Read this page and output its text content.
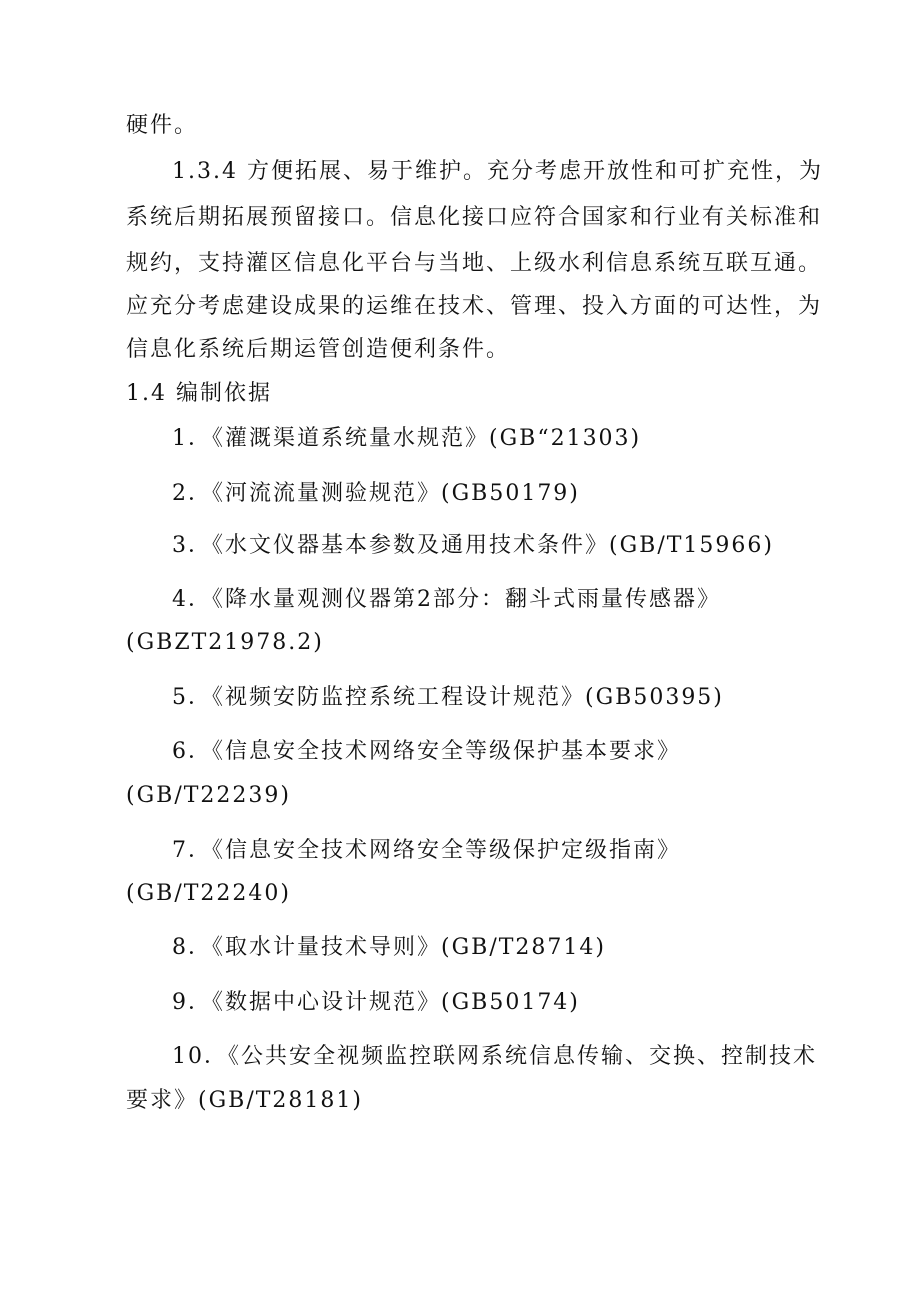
硬件。
1.3.4 方便拓展、易于维护。充分考虑开放性和可扩充性，为
系统后期拓展预留接口。信息化接口应符合国家和行业有关标准和
规约，支持灌区信息化平台与当地、上级水利信息系统互联互通。
应充分考虑建设成果的运维在技术、管理、投入方面的可达性，为
信息化系统后期运管创造便利条件。
1.4 编制依据
1．《灌溉渠道系统量水规范》(GB“21303)
2．《河流流量测验规范》(GB50179)
3．《水文仪器基本参数及通用技术条件》(GB/T15966)
4．《降水量观测仪器第2部分：翻斗式雨量传感器》
(GBZT21978.2)
5．《视频安防监控系统工程设计规范》(GB50395)
6．《信息安全技术网络安全等级保护基本要求》
(GB/T22239)
7．《信息安全技术网络安全等级保护定级指南》
(GB/T22240)
8．《取水计量技术导则》(GB/T28714)
9．《数据中心设计规范》(GB50174)
10．《公共安全视频监控联网系统信息传输、交换、控制技术
要求》(GB/T28181)
